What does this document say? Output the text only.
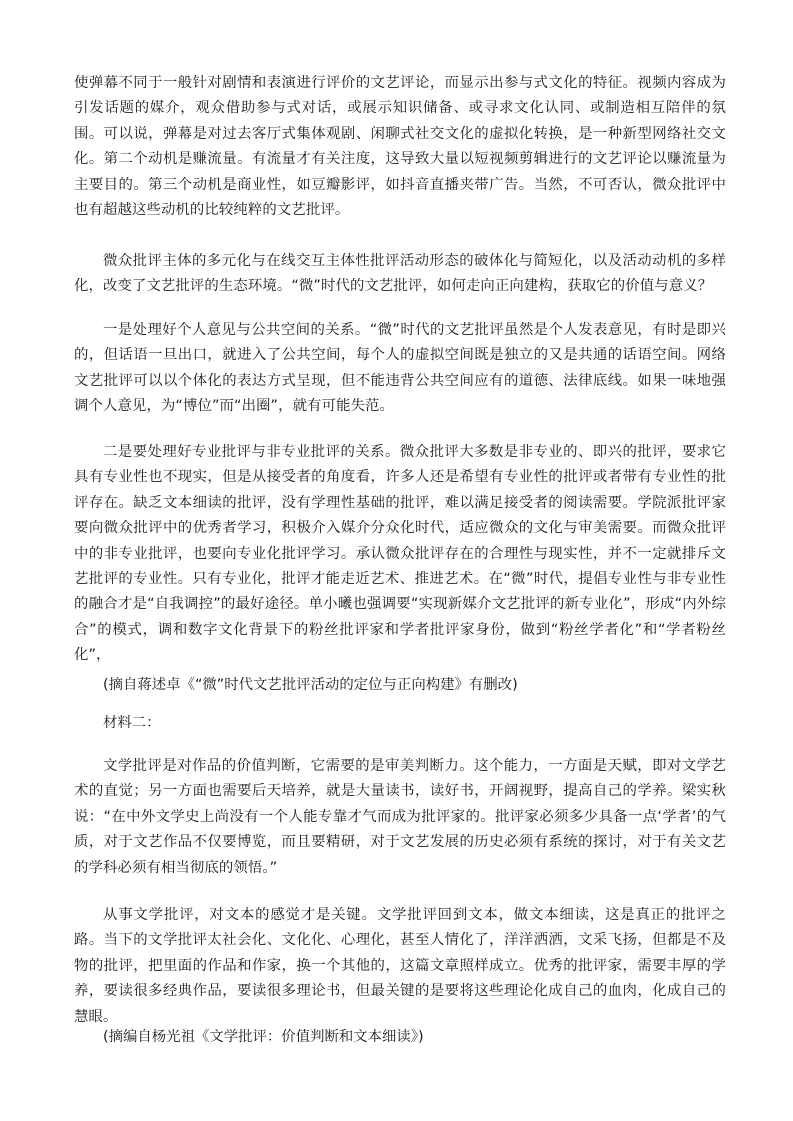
使弹幕不同于一般针对剧情和表演进行评价的文艺评论，而显示出参与式文化的特征。视频内容成为引发话题的媒介，观众借助参与式对话，或展示知识储备、或寻求文化认同、或制造相互陪伴的氛围。可以说，弹幕是对过去客厅式集体观剧、闲聊式社交文化的虚拟化转换，是一种新型网络社交文化。第二个动机是赚流量。有流量才有关注度，这导致大量以短视频剪辑进行的文艺评论以赚流量为主要目的。第三个动机是商业性，如豆瓣影评，如抖音直播夹带广告。当然，不可否认，微众批评中也有超越这些动机的比较纯粹的文艺批评。

微众批评主体的多元化与在线交互主体性批评活动形态的破体化与简短化，以及活动动机的多样化，改变了文艺批评的生态环境。“微”时代的文艺批评，如何走向正向建构，获取它的价值与意义？

一是处理好个人意见与公共空间的关系。“微”时代的文艺批评虽然是个人发表意见，有时是即兴的，但话语一旦出口，就进入了公共空间，每个人的虚拟空间既是独立的又是共通的话语空间。网络文艺批评可以以个体化的表达方式呈现，但不能违背公共空间应有的道德、法律底线。如果一味地强调个人意见，为“博位”而“出圈”，就有可能失范。

二是要处理好专业批评与非专业批评的关系。微众批评大多数是非专业的、即兴的批评，要求它具有专业性也不现实，但是从接受者的角度看，许多人还是希望有专业性的批评或者带有专业性的批评存在。缺乏文本细读的批评，没有学理性基础的批评，难以满足接受者的阅读需要。学院派批评家要向微众批评中的优秀者学习，积极介入媒介分众化时代，适应微众的文化与审美需要。而微众批评中的非专业批评，也要向专业化批评学习。承认微众批评存在的合理性与现实性，并不一定就排斥文艺批评的专业性。只有专业化，批评才能走近艺术、推进艺术。在“微”时代，提倡专业性与非专业性的融合才是“自我调控”的最好途径。单小曦也强调要“实现新媒介文艺批评的新专业化”，形成“内外综合”的模式，调和数字文化背景下的粉丝批评家和学者批评家身份，做到“粉丝学者化”和“学者粉丝化”，

(摘自蒋述卓《“微”时代文艺批评活动的定位与正向构建》有删改)

材料二：

文学批评是对作品的价值判断，它需要的是审美判断力。这个能力，一方面是天赋，即对文学艺术的直觉；另一方面也需要后天培养，就是大量读书，读好书，开阔视野，提高自己的学养。梁实秋说：“在中外文学史上尚没有一个人能专靠才气而成为批评家的。批评家必须多少具备一点‘学者’的气质，对于文艺作品不仅要博览，而且要精研，对于文艺发展的历史必须有系统的探讨，对于有关文艺的学科必须有相当彻底的领悟。”

从事文学批评，对文本的感觉才是关键。文学批评回到文本，做文本细读，这是真正的批评之路。当下的文学批评太社会化、文化化、心理化，甚至人情化了，洋洋洒洒，文采飞扬，但都是不及物的批评，把里面的作品和作家，换一个其他的，这篇文章照样成立。优秀的批评家，需要丰厚的学养，要读很多经典作品，要读很多理论书，但最关键的是要将这些理论化成自己的血肉，化成自己的慧眼。

(摘编自杨光祖《文学批评：价值判断和文本细读》)
